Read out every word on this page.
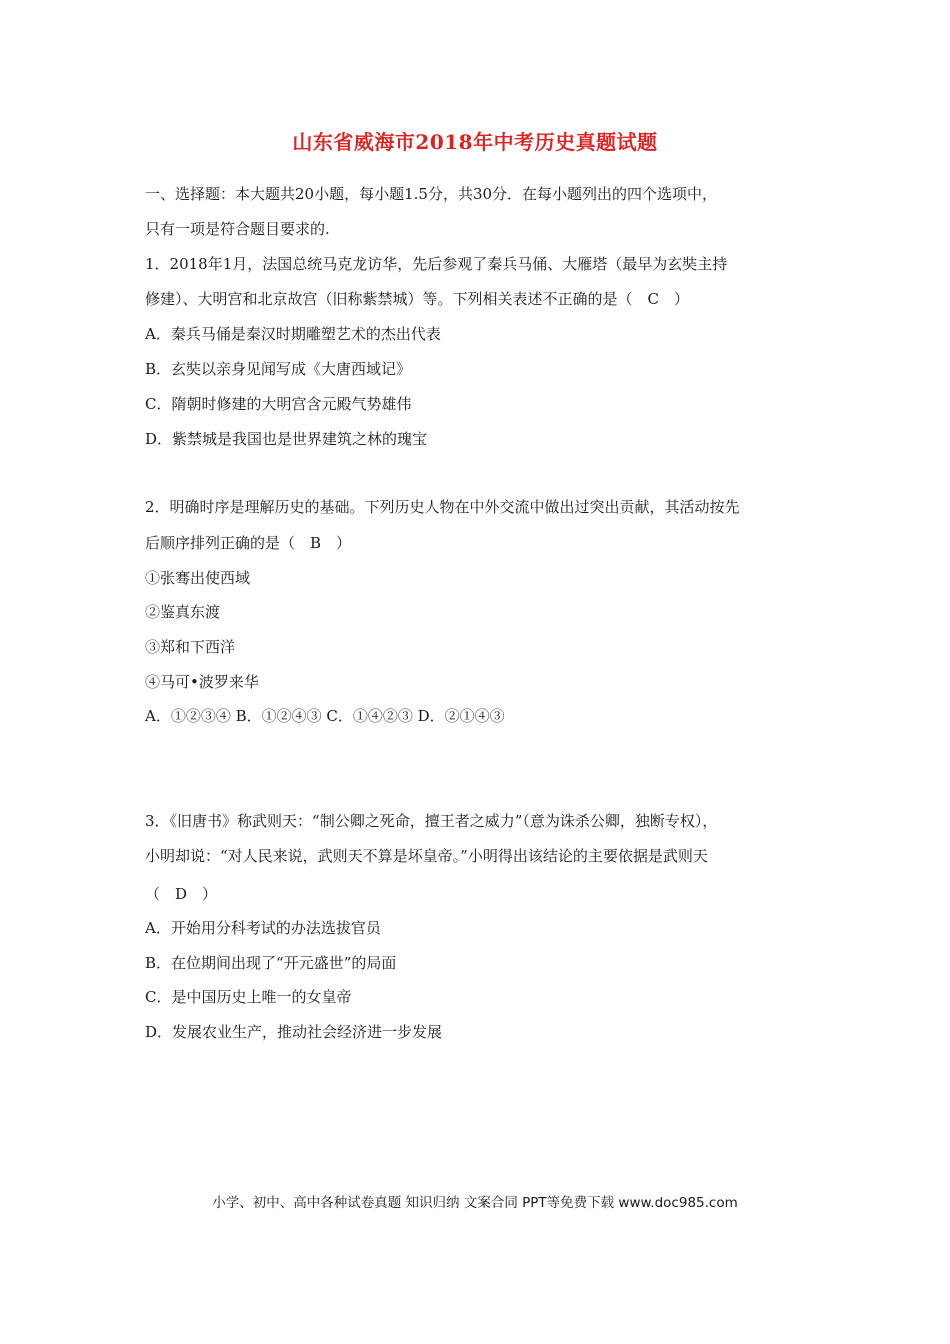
山东省威海市2018年中考历史真题试题
一、选择题：本大题共20小题，每小题1.5分，共30分．在每小题列出的四个选项中，
只有一项是符合题目要求的.
1．2018年1月，法国总统马克龙访华，先后参观了秦兵马俑、大雁塔（最早为玄奘主持
修建）、大明宫和北京故宫（旧称紫禁城）等。下列相关表述不正确的是（　C　）
A．秦兵马俑是秦汉时期雕塑艺术的杰出代表
B．玄奘以亲身见闻写成《大唐西域记》
C．隋朝时修建的大明宫含元殿气势雄伟
D．紫禁城是我国也是世界建筑之林的瑰宝
2．明确时序是理解历史的基础。下列历史人物在中外交流中做出过突出贡献，其活动按先
后顺序排列正确的是（　B　）
①张骞出使西域
②鉴真东渡
③郑和下西洋
④马可•波罗来华
A．①②③④ B．①②④③ C．①④②③ D．②①④③
3．《旧唐书》称武则天：“制公卿之死命，擅王者之威力”（意为诛杀公卿，独断专权），
小明却说：“对人民来说，武则天不算是坏皇帝。”小明得出该结论的主要依据是武则天
（　D　）
A．开始用分科考试的办法选拔官员
B．在位期间出现了“开元盛世”的局面
C．是中国历史上唯一的女皇帝
D．发展农业生产，推动社会经济进一步发展
小学、初中、高中各种试卷真题 知识归纳 文案合同 PPT等免费下载 www.doc985.com
